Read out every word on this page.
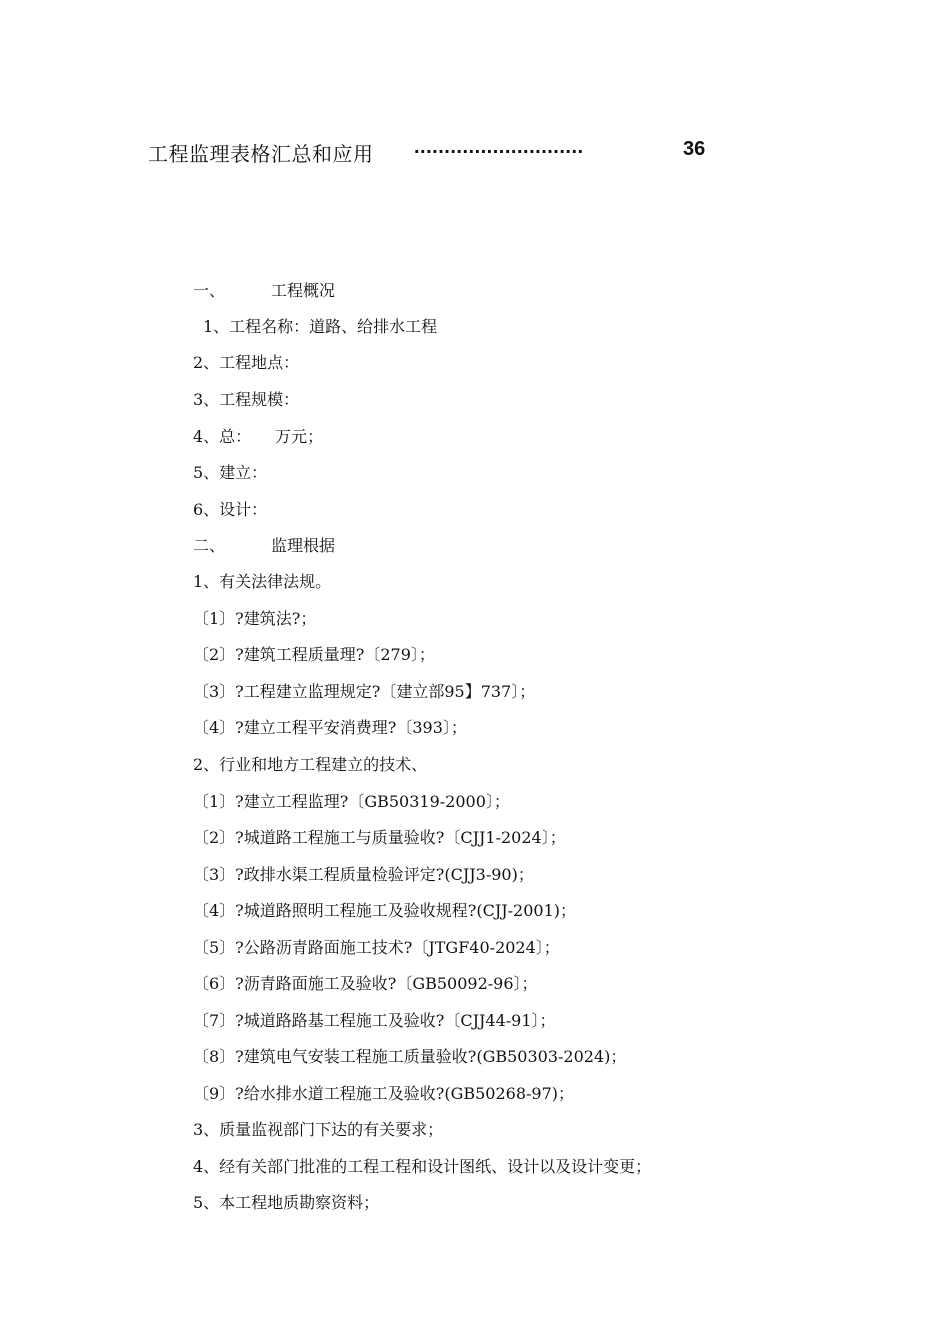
工程监理表格汇总和应用 ............................	36
一、	工程概况
1、工程名称：道路、给排水工程
2、工程地点：
3、工程规模：
4、总：　　万元；
5、建立：
6、设计：
二、	监理根据
1、有关法律法规。
〔1〕?建筑法?；
〔2〕?建筑工程质量理?〔279〕；
〔3〕?工程建立监理规定?〔建立部95】737〕；
〔4〕?建立工程平安消费理?〔393〕；
2、行业和地方工程建立的技术、
〔1〕?建立工程监理?〔GB50319-2000〕；
〔2〕?城道路工程施工与质量验收?〔CJJ1-2024〕；
〔3〕?政排水渠工程质量检验评定?(CJJ3-90)；
〔4〕?城道路照明工程施工及验收规程?(CJJ-2001)；
〔5〕?公路沥青路面施工技术?〔JTGF40-2024〕；
〔6〕?沥青路面施工及验收?〔GB50092-96〕；
〔7〕?城道路路基工程施工及验收?〔CJJ44-91〕；
〔8〕?建筑电气安装工程施工质量验收?(GB50303-2024)；
〔9〕?给水排水道工程施工及验收?(GB50268-97)；
3、质量监视部门下达的有关要求；
4、经有关部门批准的工程工程和设计图纸、设计以及设计变更；
5、本工程地质勘察资料；
